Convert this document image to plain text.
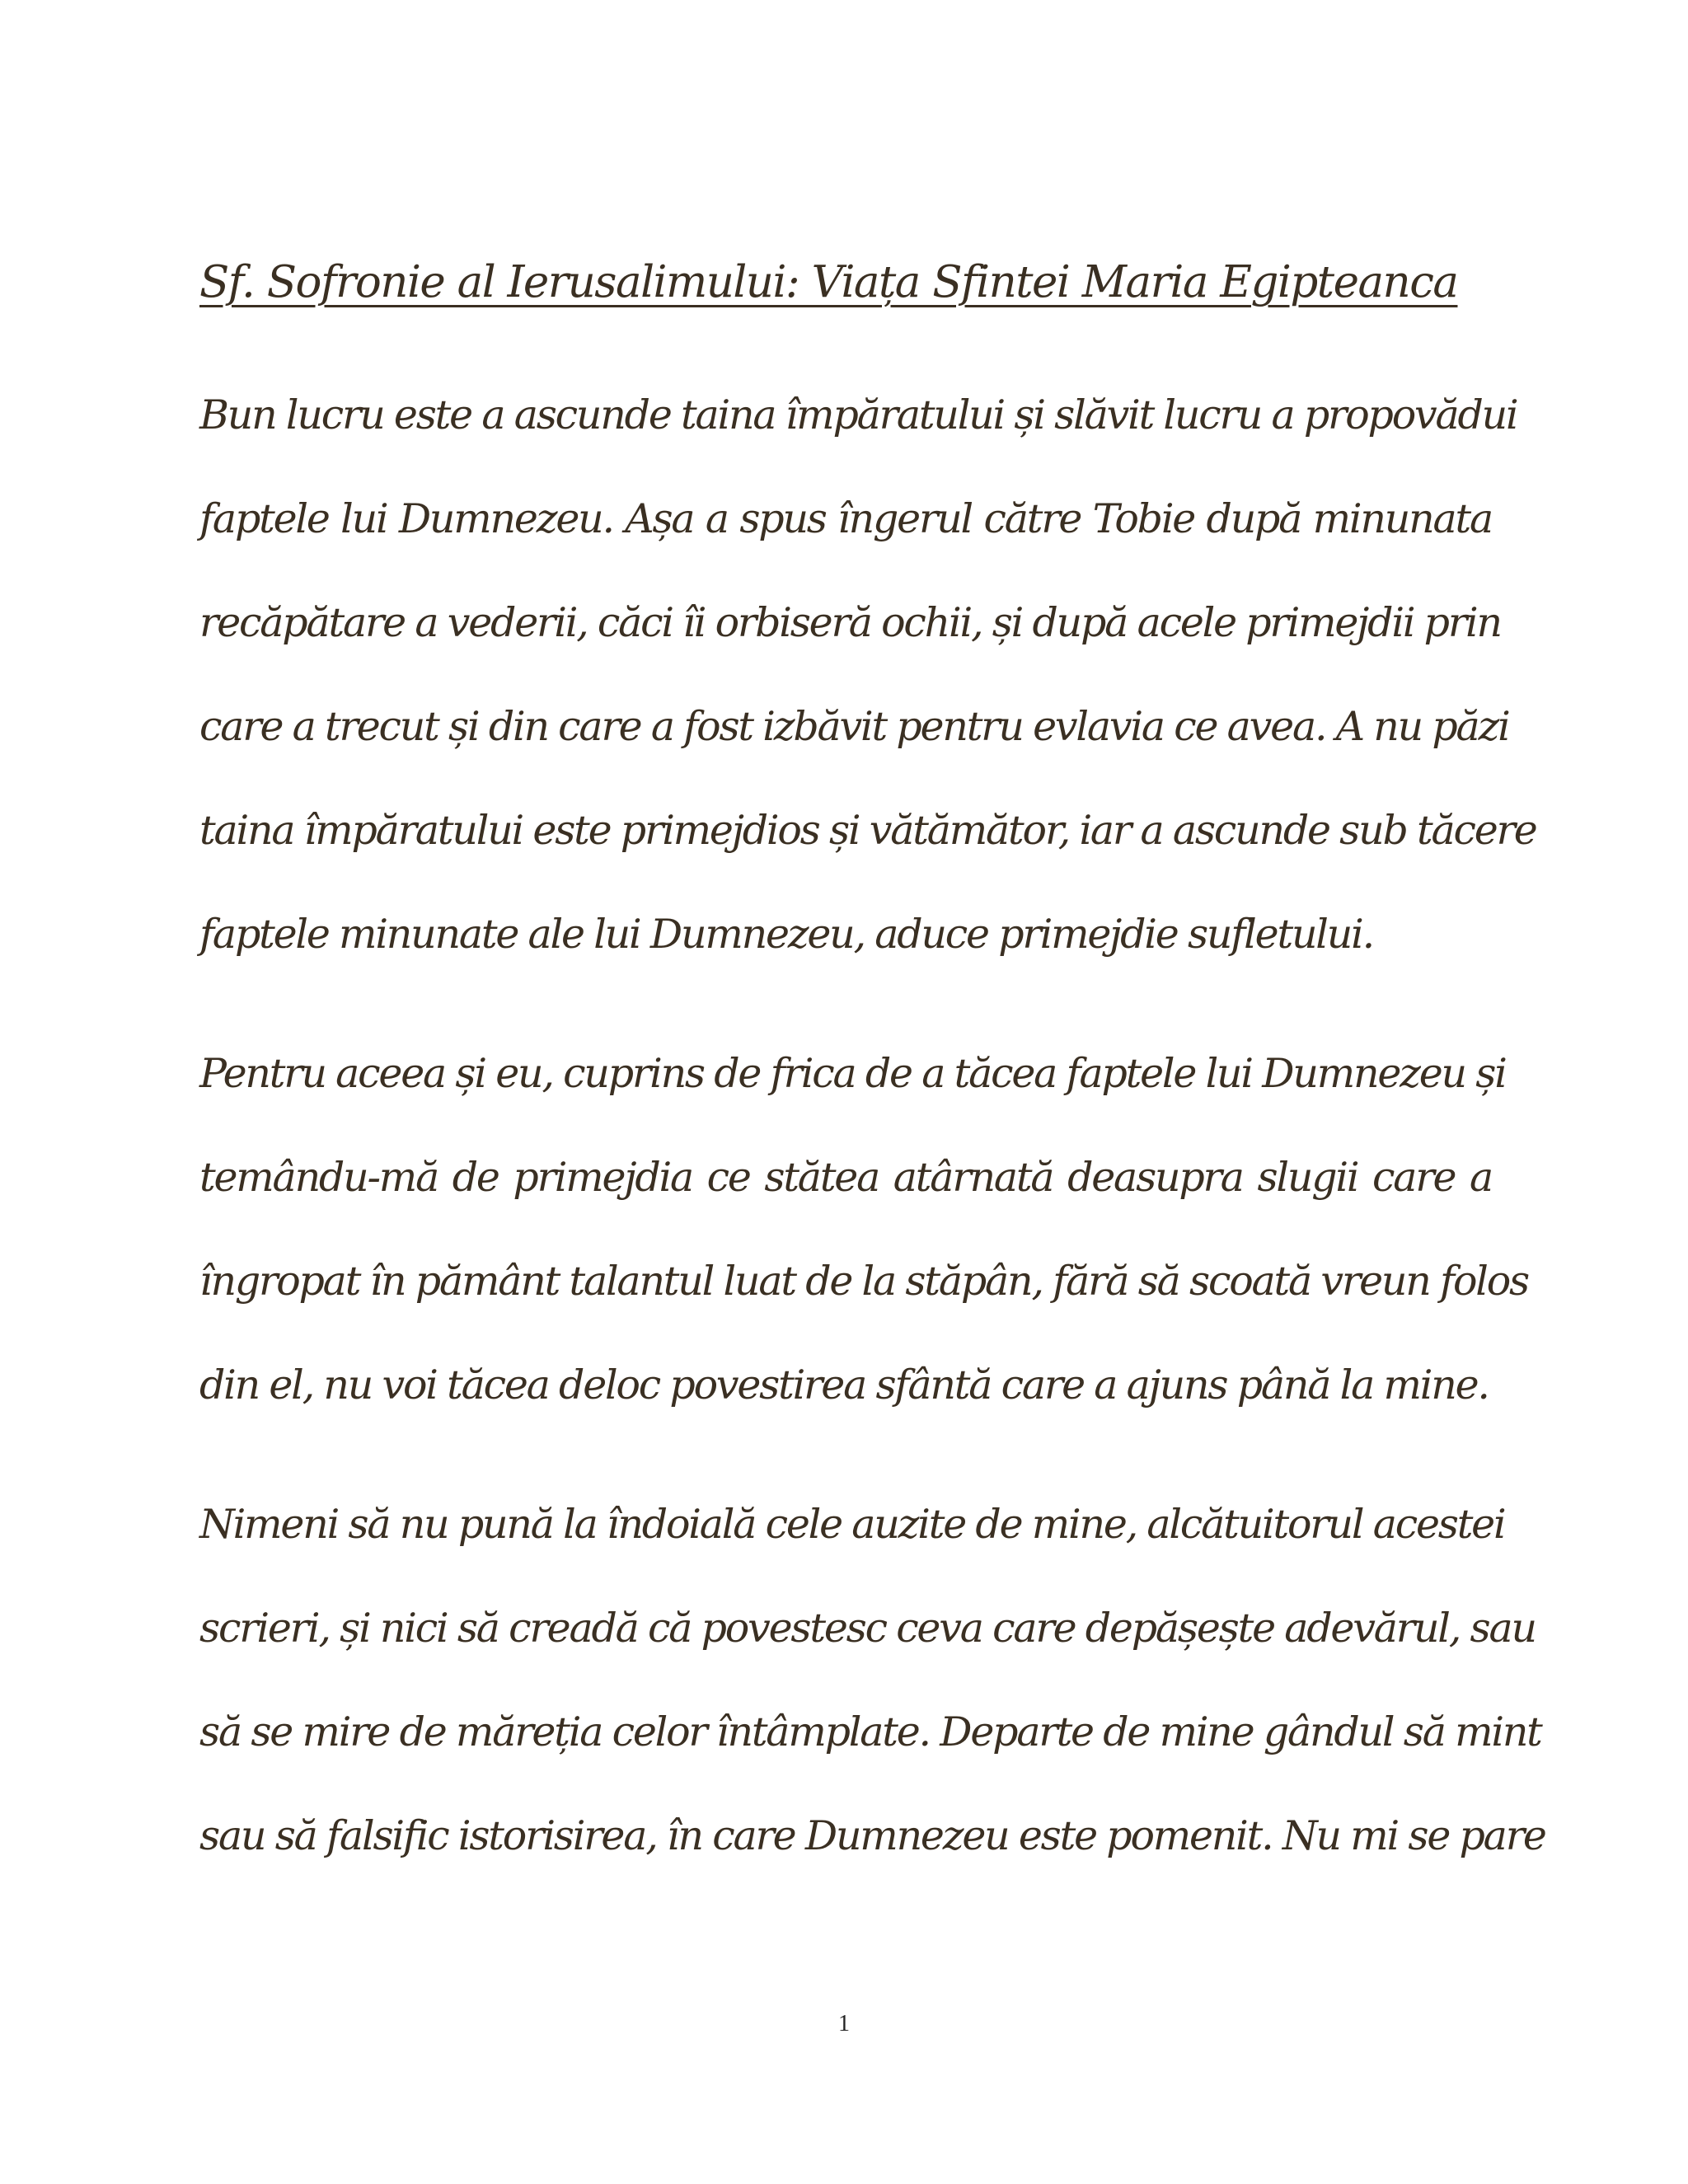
Sf. Sofronie al Ierusalimului: Viața Sfintei Maria Egipteanca

Bun lucru este a ascunde taina împăratului și slăvit lucru a propovădui
faptele lui Dumnezeu. Așa a spus îngerul către Tobie după minunata
recăpătare a vederii, căci îi orbiseră ochii, și după acele primejdii prin
care a trecut și din care a fost izbăvit pentru evlavia ce avea. A nu păzi
taina împăratului este primejdios și vătămător, iar a ascunde sub tăcere
faptele minunate ale lui Dumnezeu, aduce primejdie sufletului.

Pentru aceea și eu, cuprins de frica de a tăcea faptele lui Dumnezeu și
temându-mă de primejdia ce stătea atârnată deasupra slugii care a
îngropat în pământ talantul luat de la stăpân, fără să scoată vreun folos
din el, nu voi tăcea deloc povestirea sfântă care a ajuns până la mine.

Nimeni să nu pună la îndoială cele auzite de mine, alcătuitorul acestei
scrieri, și nici să creadă că povestesc ceva care depășește adevărul, sau
să se mire de măreția celor întâmplate. Departe de mine gândul să mint
sau să falsific istorisirea, în care Dumnezeu este pomenit. Nu mi se pare

1
